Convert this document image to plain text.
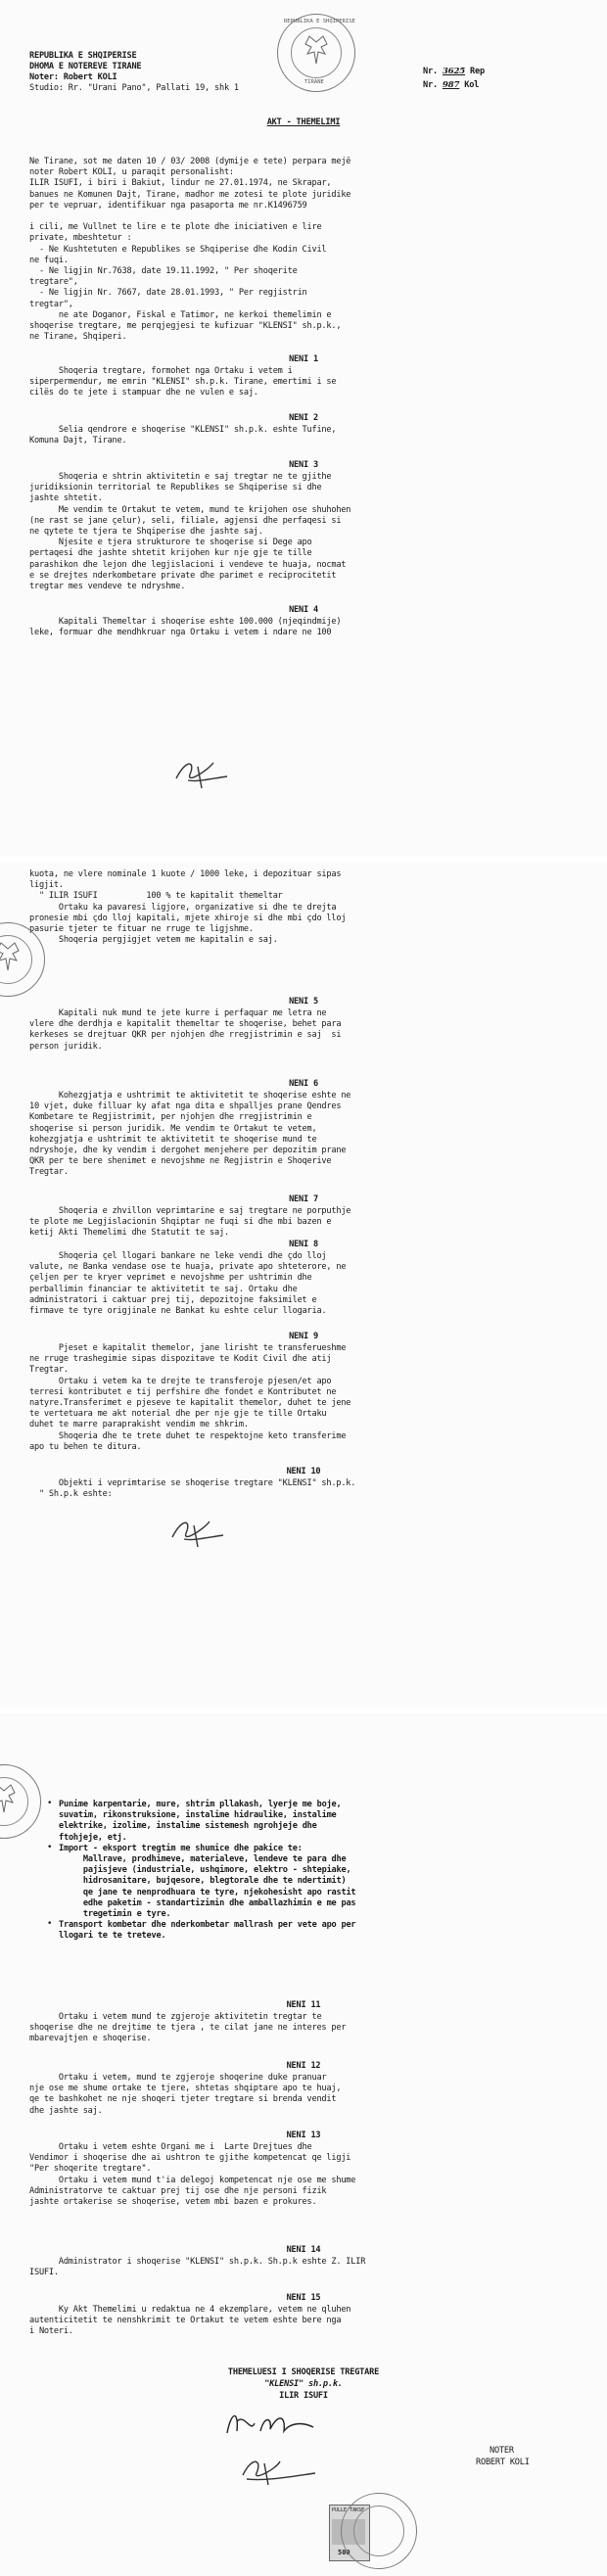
REPUBLIKA E SHQIPERISE
DHOMA E NOTEREVE TIRANE
Noter: Robert KOLI
Studio: Rr. "Urani Pano", Pallati 19, shk 1
REPUBLIKA E SHQIPERISE
TIRANE
Nr. 3625 Rep
Nr. 987 Kol
AKT - THEMELIMI
Ne Tirane, sot me daten 10 / 03/ 2008 (dymije e tete) perpara mejë
noter Robert KOLI, u paraqit personalisht:
ILIR ISUFI, i biri i Bakiut, lindur ne 27.01.1974, ne Skrapar,
banues ne Komunen Dajt, Tirane, madhor me zotesi te plote juridike
per te vepruar, identifikuar nga pasaporta me nr.K1496759
i cili, me Vullnet te lire e te plote dhe iniciativen e lire
private, mbeshtetur :
- Ne Kushtetuten e Republikes se Shqiperise dhe Kodin Civil
ne fuqi.
- Ne ligjin Nr.7638, date 19.11.1992, " Per shoqerite
tregtare",
- Ne ligjin Nr. 7667, date 28.01.1993, " Per regjistrin
tregtar",
ne ate Doganor, Fiskal e Tatimor, ne kerkoi themelimin e
shoqerise tregtare, me perqjegjesi te kufizuar "KLENSI" sh.p.k.,
ne Tirane, Shqiperi.
NENI 1
Shoqeria tregtare, formohet nga Ortaku i vetem i
siperpermendur, me emrin "KLENSI" sh.p.k. Tirane, emertimi i se
cilës do te jete i stampuar dhe ne vulen e saj.
NENI 2
Selia qendrore e shoqerise "KLENSI" sh.p.k. eshte Tufine,
Komuna Dajt, Tirane.
NENI 3
Shoqeria e shtrin aktivitetin e saj tregtar ne te gjithe
juridiksionin territorial te Republikes se Shqiperise si dhe
jashte shtetit.
Me vendim te Ortakut te vetem, mund te krijohen ose shuhohen
(ne rast se jane çelur), seli, filiale, agjensi dhe perfaqesi si
ne qytete te tjera te Shqiperise dhe jashte saj.
Njesite e tjera strukturore te shoqerise si Dege apo
pertaqesi dhe jashte shtetit krijohen kur nje gje te tille
parashikon dhe lejon dhe legjislacioni i vendeve te huaja, nocmat
e se drejtes nderkombetare private dhe parimet e reciprocitetit
tregtar mes vendeve te ndryshme.
NENI 4
Kapitali Themeltar i shoqerise eshte 100.000 (njeqindmije)
leke, formuar dhe mendhkruar nga Ortaku i vetem i ndare ne 100
kuota, ne vlere nominale 1 kuote / 1000 leke, i depozituar sipas
ligjit.
" ILIR ISUFI          100 % te kapitalit themeltar
Ortaku ka pavaresi ligjore, organizative si dhe te drejta
pronesie mbi çdo lloj kapitali, mjete xhiroje si dhe mbi çdo lloj
pasurie tjeter te fituar ne rruge te ligjshme.
Shoqeria pergjigjet vetem me kapitalin e saj.
NENI 5
Kapitali nuk mund te jete kurre i perfaquar me letra ne
vlere dhe derdhja e kapitalit themeltar te shoqerise, behet para
kerkeses se drejtuar QKR per njohjen dhe rregjistrimin e saj  si
person juridik.
NENI 6
Kohezgjatja e ushtrimit te aktivitetit te shoqerise eshte ne
10 vjet, duke filluar ky afat nga dita e shpalljes prane Qendres
Kombetare te Regjistrimit, per njohjen dhe rregjistrimin e
shoqerise si person juridik. Me vendim te Ortakut te vetem,
kohezgjatja e ushtrimit te aktivitetit te shoqerise mund te
ndryshoje, dhe ky vendim i dergohet menjehere per depozitim prane
QKR per te bere shenimet e nevojshme ne Regjistrin e Shoqerive
Tregtar.
NENI 7
Shoqeria e zhvillon veprimtarine e saj tregtare ne porputhje
te plote me Legjislacionin Shqiptar ne fuqi si dhe mbi bazen e
ketij Akti Themelimi dhe Statutit te saj.
NENI 8
Shoqeria çel llogari bankare ne leke vendi dhe çdo lloj
valute, ne Banka vendase ose te huaja, private apo shteterore, ne
çeljen per te kryer veprimet e nevojshme per ushtrimin dhe
perballimin financiar te aktivitetit te saj. Ortaku dhe
administratori i caktuar prej tij, depozitojne faksimilet e
firmave te tyre origjinale ne Bankat ku eshte celur llogaria.
NENI 9
Pjeset e kapitalit themelor, jane lirisht te transferueshme
ne rruge trashegimie sipas dispozitave te Kodit Civil dhe atij
Tregtar.
Ortaku i vetem ka te drejte te transferoje pjesen/et apo
terresi kontributet e tij perfshire dhe fondet e Kontributet ne
natyre.Transferimet e pjeseve te kapitalit themelor, duhet te jene
te vertetuara me akt noterial dhe per nje gje te tille Ortaku
duhet te marre paraprakisht vendim me shkrim.
Shoqeria dhe te trete duhet te respektojne keto transferime
apo tu behen te ditura.
NENI 10
Objekti i veprimtarise se shoqerise tregtare "KLENSI" sh.p.k.
" Sh.p.k eshte:
• Punime karpentarie, mure, shtrim pllakash, lyerje me boje,
suvatim, rikonstruksione, instalime hidraulike, instalime
elektrike, izolime, instalime sistemesh ngrohjeje dhe
ftohjeje, etj.
• Import - eksport tregtim me shumice dhe pakice te:
Mallrave, prodhimeve, materialeve, lendeve te para dhe
pajisjeve (industriale, ushqimore, elektro - shtepiake,
hidrosanitare, bujqesore, blegtorale dhe te ndertimit)
qe jane te nenprodhuara te tyre, njekohesisht apo rastit
edhe paketim - standartizimin dhe amballazhimin e me pas
tregetimin e tyre.
• Transport kombetar dhe nderkombetar mallrash per vete apo per
llogari te te treteve.
NENI 11
Ortaku i vetem mund te zgjeroje aktivitetin tregtar te
shoqerise dhe ne drejtime te tjera , te cilat jane ne interes per
mbarevajtjen e shoqerise.
NENI 12
Ortaku i vetem, mund te zgjeroje shoqerine duke pranuar
nje ose me shume ortake te tjere, shtetas shqiptare apo te huaj,
qe te bashkohet ne nje shoqeri tjeter tregtare si brenda vendit
dhe jashte saj.
NENI 13
Ortaku i vetem eshte Organi me i  Larte Drejtues dhe
Vendimor i shoqerise dhe ai ushtron te gjithe kompetencat qe ligji
"Per shoqerite tregtare".
Ortaku i vetem mund t'ia delegoj kompetencat nje ose me shume
Administratorve te caktuar prej tij ose dhe nje personi fizik
jashte ortakerise se shoqerise, vetem mbi bazen e prokures.
NENI 14
Administrator i shoqerise "KLENSI" sh.p.k. Sh.p.k eshte Z. ILIR
ISUFI.
NENI 15
Ky Akt Themelimi u redaktua ne 4 ekzemplare, vetem ne qluhen
autenticitetit te nenshkrimit te Ortakut te vetem eshte bere nga
i Noteri.
THEMELUESI I SHOQERISE TREGTARE
"KLENSI" sh.p.k.
ILIR ISUFI
NOTER
ROBERT KOLI
PULLE TAKSE
500
